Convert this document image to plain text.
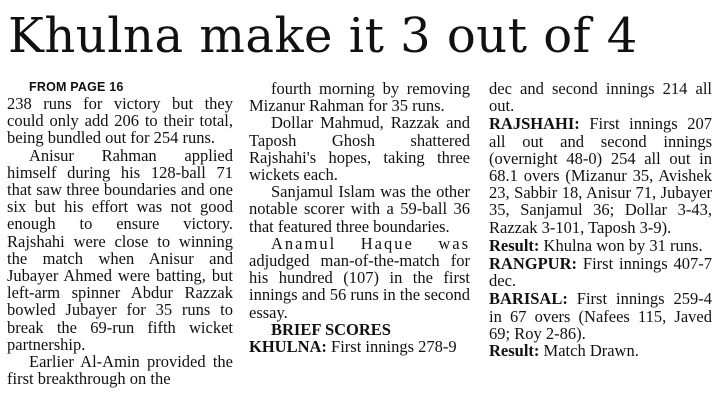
Khulna make it 3 out of 4

FROM PAGE 16

238 runs for victory but they could only add 206 to their total, being bundled out for 254 runs.

Anisur Rahman applied himself during his 128-ball 71 that saw three boundaries and one six but his effort was not good enough to ensure victory. Rajshahi were close to winning the match when Anisur and Jubayer Ahmed were batting, but left-arm spinner Abdur Razzak bowled Jubayer for 35 runs to break the 69-run fifth wicket partnership.

Earlier Al-Amin provided the first breakthrough on the

fourth morning by removing Mizanur Rahman for 35 runs.

Dollar Mahmud, Razzak and Taposh Ghosh shattered Rajshahi's hopes, taking three wickets each.

Sanjamul Islam was the other notable scorer with a 59-ball 36 that featured three boundaries.

Anamul Haque was adjudged man-of-the-match for his hundred (107) in the first innings and 56 runs in the second essay.

BRIEF SCORES

KHULNA: First innings 278-9

dec and second innings 214 all out.

RAJSHAHI: First innings 207 all out and second innings (overnight 48-0) 254 all out in 68.1 overs (Mizanur 35, Avishek 23, Sabbir 18, Anisur 71, Jubayer 35, Sanjamul 36; Dollar 3-43, Razzak 3-101, Taposh 3-9).

Result: Khulna won by 31 runs.

RANGPUR: First innings 407-7 dec.

BARISAL: First innings 259-4 in 67 overs (Nafees 115, Javed 69; Roy 2-86).

Result: Match Drawn.
